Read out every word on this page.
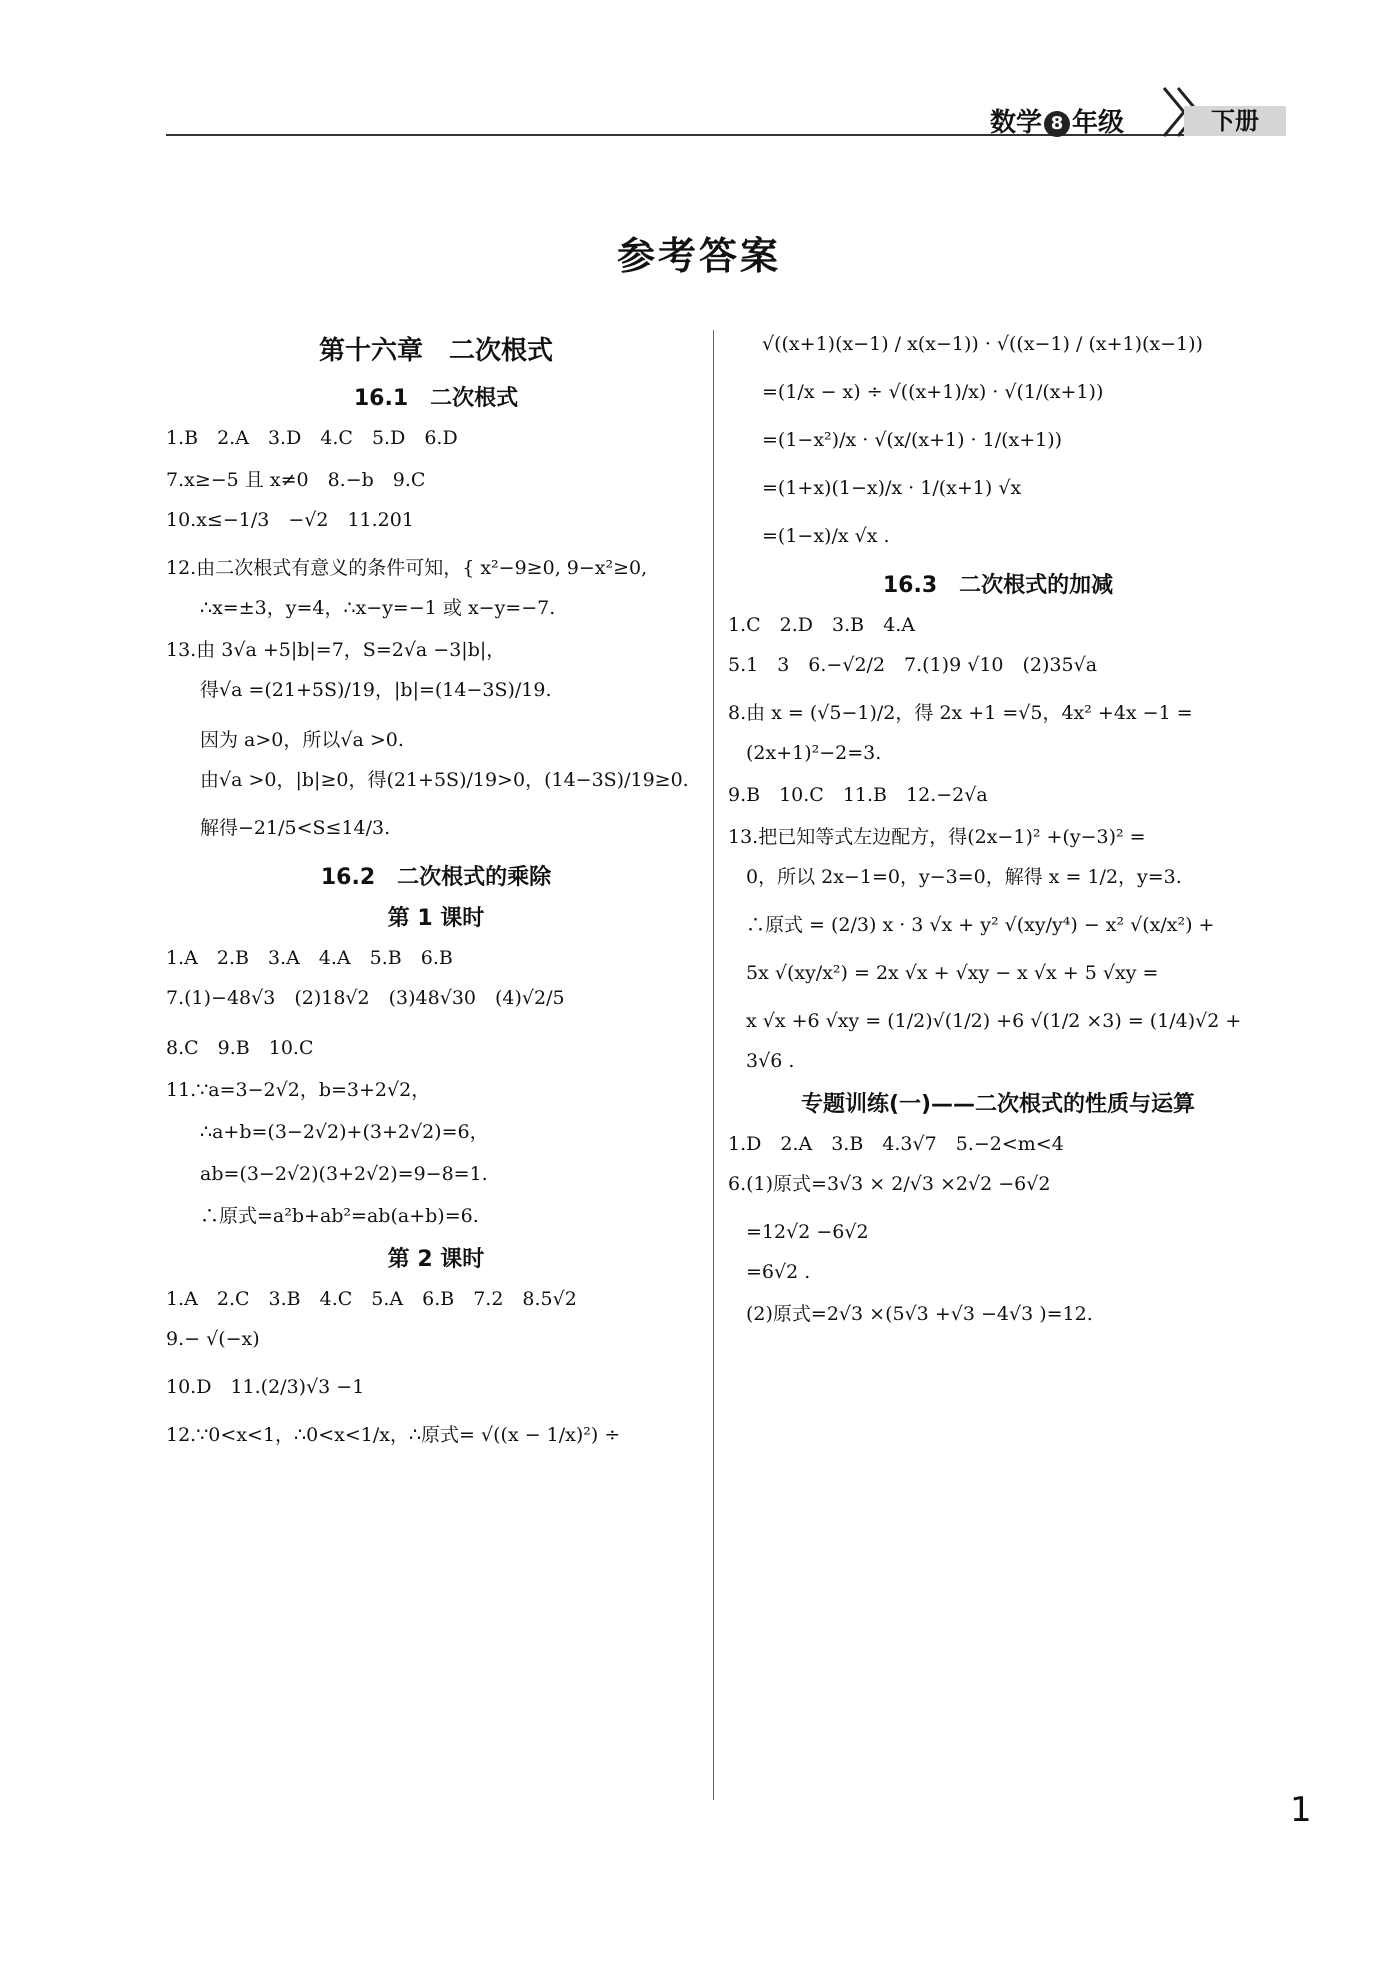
数学 8 年级	下册
参考答案
第十六章　二次根式
16.1　二次根式

1.B　2.A　3.D　4.C　5.D　6.D

7.x≥−5 且 x≠0　8.−b　9.C

10.x≤−1/3　−√2　11.201

12.由二次根式有意义的条件可知，{ x²−9≥0, 9−x²≥0,

∴x=±3，y=4，∴x−y=−1 或 x−y=−7.

13.由 3√a +5|b|=7，S=2√a −3|b|，

得√a =(21+5S)/19，|b|=(14−3S)/19.

因为 a>0，所以√a >0.

由√a >0，|b|≥0，得(21+5S)/19>0，(14−3S)/19≥0.

解得−21/5<S≤14/3.

16.2　二次根式的乘除
第 1 课时

1.A　2.B　3.A　4.A　5.B　6.B

7.(1)−48√3　(2)18√2　(3)48√30　(4)√2/5

8.C　9.B　10.C

11.∵a=3−2√2，b=3+2√2，

∴a+b=(3−2√2)+(3+2√2)=6，

ab=(3−2√2)(3+2√2)=9−8=1.

∴原式=a²b+ab²=ab(a+b)=6.

第 2 课时

1.A　2.C　3.B　4.C　5.A　6.B　7.2　8.5√2

9.− √(−x)

10.D　11.(2/3)√3 −1

12.∵0<x<1，∴0<x<1/x，∴原式= √((x − 1/x)²) ÷

√((x+1)(x−1) / x(x−1)) · √((x−1) / (x+1)(x−1))

=(1/x − x) ÷ √((x+1)/x) · √(1/(x+1))

=(1−x²)/x · √(x/(x+1) · 1/(x+1))

=(1+x)(1−x)/x · 1/(x+1) √x

=(1−x)/x √x .

16.3　二次根式的加减

1.C　2.D　3.B　4.A

5.1　3　6.−√2/2　7.(1)9 √10　(2)35√a

8.由 x = (√5−1)/2，得 2x +1 =√5，4x² +4x −1 =

(2x+1)²−2=3.

9.B　10.C　11.B　12.−2√a

13.把已知等式左边配方，得(2x−1)² +(y−3)² =

0，所以 2x−1=0，y−3=0，解得 x = 1/2，y=3.

∴原式 = (2/3) x · 3 √x + y² √(xy/y⁴) − x² √(x/x²) +

5x √(xy/x²) = 2x √x + √xy − x √x + 5 √xy =

x √x +6 √xy = (1/2)√(1/2) +6 √(1/2 ×3) = (1/4)√2 +

3√6 .

专题训练(一)——二次根式的性质与运算

1.D　2.A　3.B　4.3√7　5.−2<m<4

6.(1)原式=3√3 × 2/√3 ×2√2 −6√2

=12√2 −6√2

=6√2 .

(2)原式=2√3 ×(5√3 +√3 −4√3 )=12.

1
